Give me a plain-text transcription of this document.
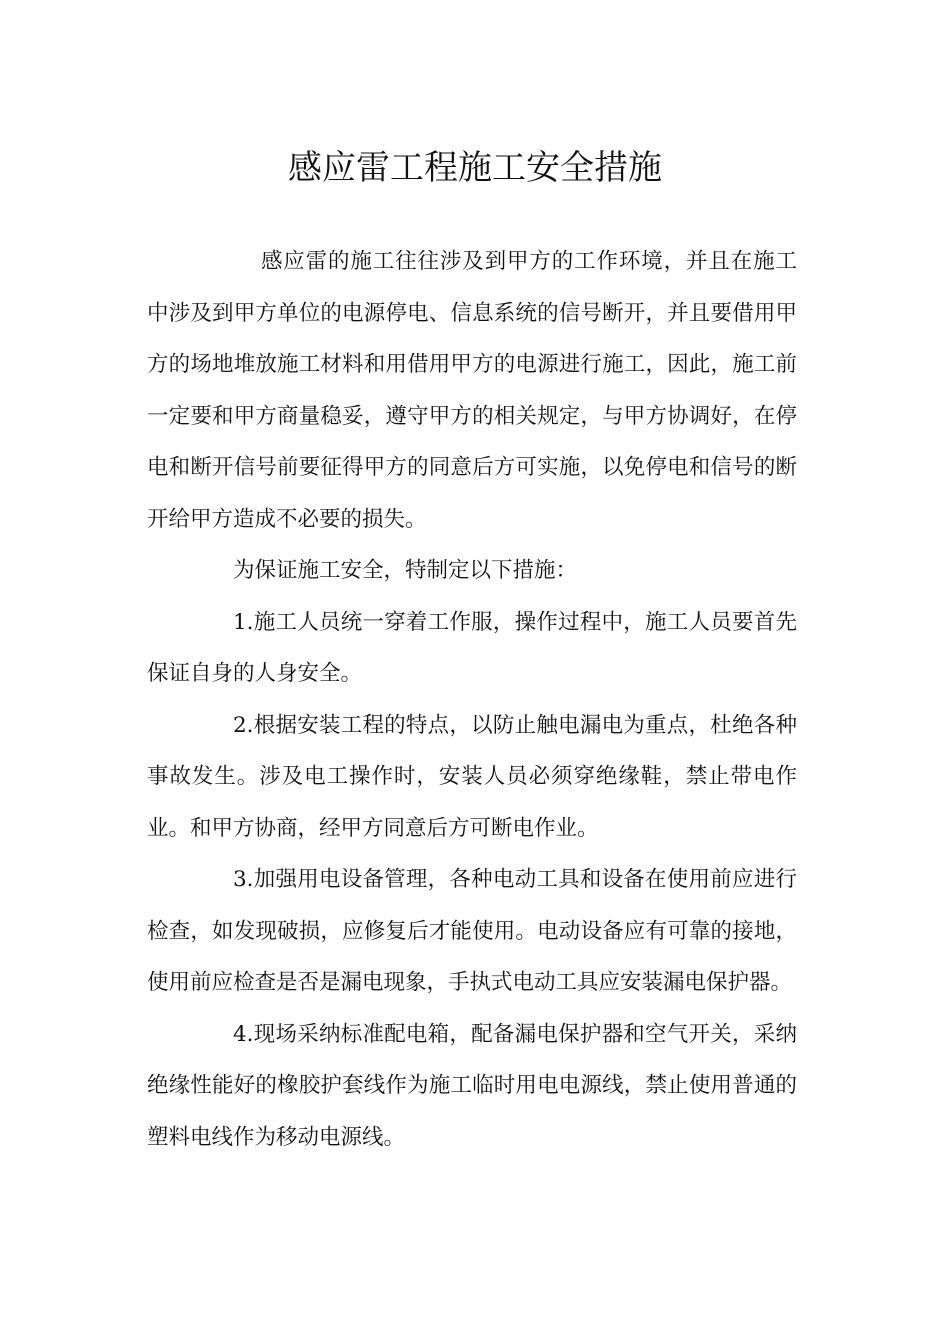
感应雷工程施工安全措施

感应雷的施工往往涉及到甲方的工作环境，并且在施工中涉及到甲方单位的电源停电、信息系统的信号断开，并且要借用甲方的场地堆放施工材料和用借用甲方的电源进行施工，因此，施工前一定要和甲方商量稳妥，遵守甲方的相关规定，与甲方协调好，在停电和断开信号前要征得甲方的同意后方可实施，以免停电和信号的断开给甲方造成不必要的损失。

为保证施工安全，特制定以下措施：

1.施工人员统一穿着工作服，操作过程中，施工人员要首先保证自身的人身安全。

2.根据安装工程的特点，以防止触电漏电为重点，杜绝各种事故发生。涉及电工操作时，安装人员必须穿绝缘鞋，禁止带电作业。和甲方协商，经甲方同意后方可断电作业。

3.加强用电设备管理，各种电动工具和设备在使用前应进行检查，如发现破损，应修复后才能使用。电动设备应有可靠的接地，使用前应检查是否是漏电现象，手执式电动工具应安装漏电保护器。

4.现场采纳标准配电箱，配备漏电保护器和空气开关，采纳绝缘性能好的橡胶护套线作为施工临时用电电源线，禁止使用普通的塑料电线作为移动电源线。
